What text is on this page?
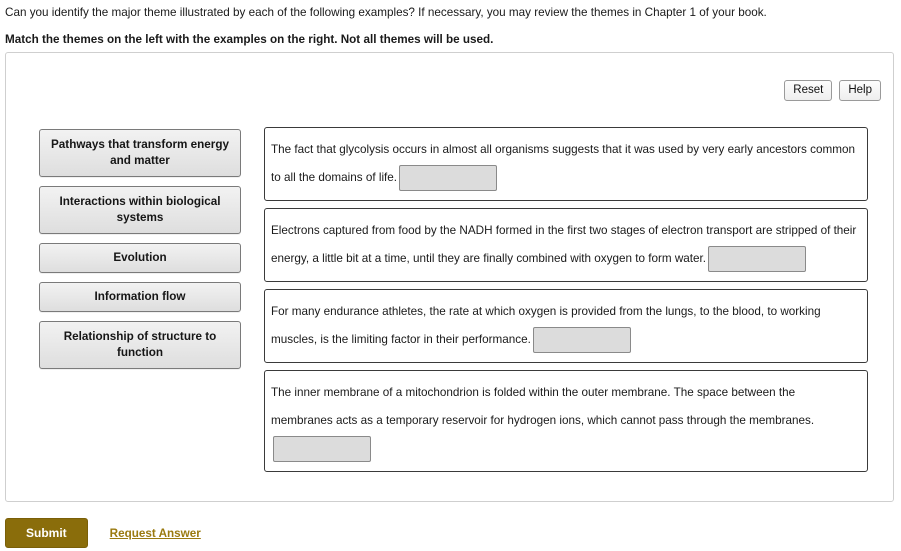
Can you identify the major theme illustrated by each of the following examples? If necessary, you may review the themes in Chapter 1 of your book.
Match the themes on the left with the examples on the right. Not all themes will be used.
Reset	Help
Pathways that transform energy and matter
Interactions within biological systems
Evolution
Information flow
Relationship of structure to function
The fact that glycolysis occurs in almost all organisms suggests that it was used by very early ancestors common to all the domains of life.
Electrons captured from food by the NADH formed in the first two stages of electron transport are stripped of their energy, a little bit at a time, until they are finally combined with oxygen to form water.
For many endurance athletes, the rate at which oxygen is provided from the lungs, to the blood, to working muscles, is the limiting factor in their performance.
The inner membrane of a mitochondrion is folded within the outer membrane. The space between the membranes acts as a temporary reservoir for hydrogen ions, which cannot pass through the membranes.
Submit	Request Answer
